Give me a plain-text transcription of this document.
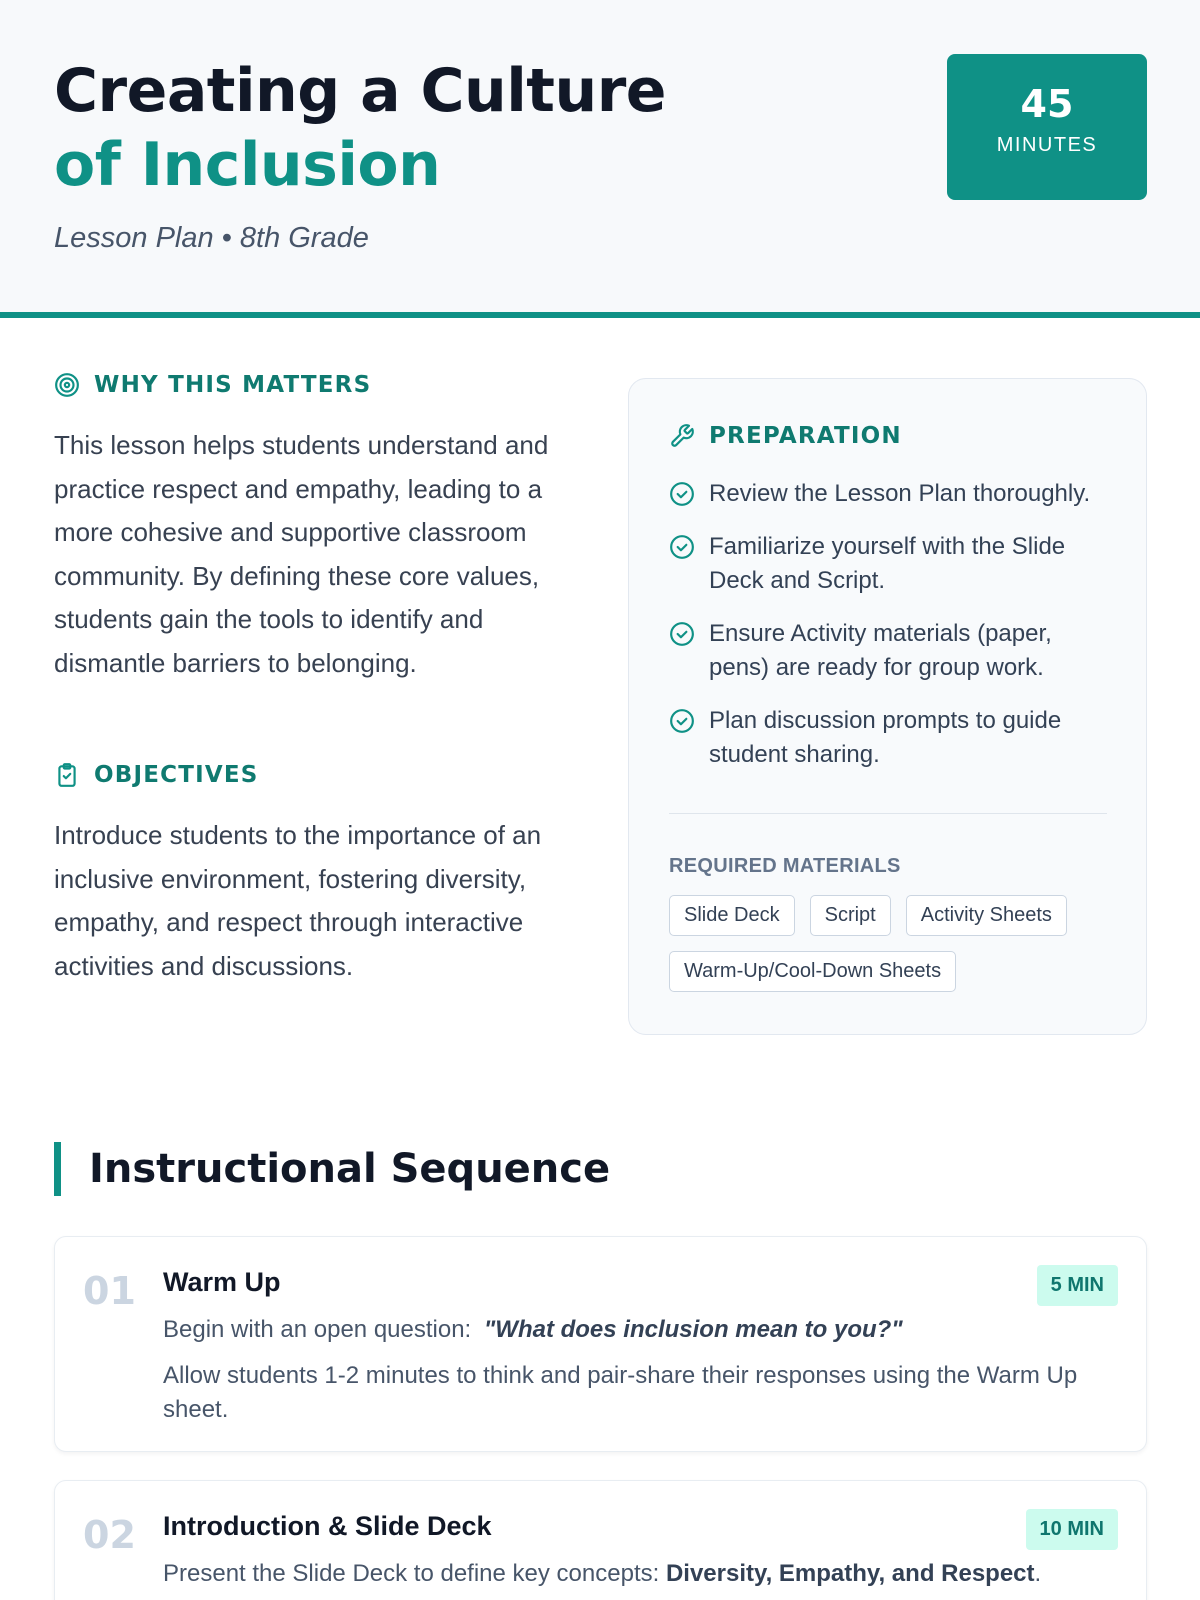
Creating a Culture
of Inclusion
Lesson Plan • 8th Grade
45
MINUTES
WHY THIS MATTERS

This lesson helps students understand and practice respect and empathy, leading to a more cohesive and supportive classroom community. By defining these core values, students gain the tools to identify and dismantle barriers to belonging.

OBJECTIVES

Introduce students to the importance of an inclusive environment, fostering diversity, empathy, and respect through interactive activities and discussions.

PREPARATION
Review the Lesson Plan thoroughly.
Familiarize yourself with the Slide Deck and Script.
Ensure Activity materials (paper, pens) are ready for group work.
Plan discussion prompts to guide student sharing.
REQUIRED MATERIALS
Slide Deck	Script	Activity Sheets
Warm-Up/Cool-Down Sheets
Instructional Sequence
01 Warm Up	5 MIN

Begin with an open question: "What does inclusion mean to you?"

Allow students 1-2 minutes to think and pair-share their responses using the Warm Up sheet.

02 Introduction & Slide Deck	10 MIN

Present the Slide Deck to define key concepts: Diversity, Empathy, and Respect.
